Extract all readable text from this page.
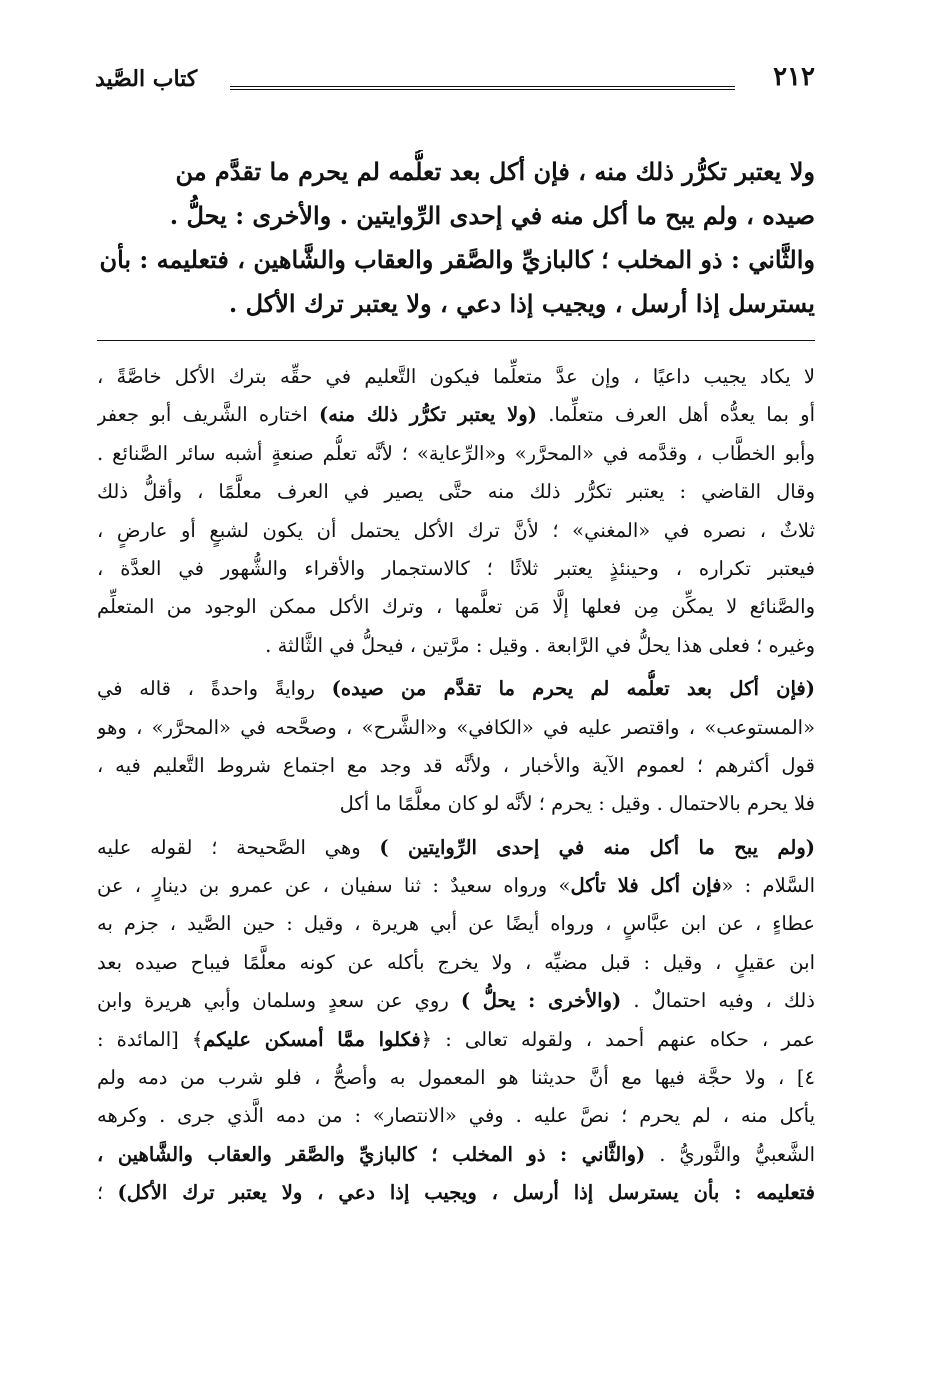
٢١٢
كتاب الصَّيد
ولا يعتبر تكرُّر ذلك منه ، فإن أكل بعد تعلُّمه لم يحرم ما تقدَّم من
صيده ، ولم يبح ما أكل منه في إحدى الرِّوايتين . والأخرى : يحلُّ .
والثَّاني : ذو المخلب ؛ كالبازيِّ والصَّقر والعقاب والشَّاهين ، فتعليمه : بأن
يسترسل إذا أرسل ، ويجيب إذا دعي ، ولا يعتبر ترك الأكل .
لا يكاد يجيب داعيًا ، وإن عدَّ متعلِّما فيكون التَّعليم في حقِّه بترك الأكل خاصَّةً ،
أو بما يعدُّه أهل العرف متعلِّما. (ولا يعتبر تكرُّر ذلك منه) اختاره الشَّريف أبو جعفر
وأبو الخطَّاب ، وقدَّمه في «المحرَّر» و«الرِّعاية» ؛ لأنَّه تعلُّم صنعةٍ أشبه سائر الصَّنائع .
وقال القاضي : يعتبر تكرُّر ذلك منه حتَّى يصير في العرف معلَّمًا ، وأقلُّ ذلك
ثلاثٌ ، نصره في «المغني» ؛ لأنَّ ترك الأكل يحتمل أن يكون لشبعٍ أو عارضٍ ،
فيعتبر تكراره ، وحينئذٍ يعتبر ثلاثًا ؛ كالاستجمار والأقراء والشُّهور في العدَّة ،
والصَّنائع لا يمكِّن مِن فعلها إلَّا مَن تعلَّمها ، وترك الأكل ممكن الوجود من المتعلِّم
وغيره ؛ فعلى هذا يحلُّ في الرَّابعة . وقيل : مرَّتين ، فيحلُّ في الثَّالثة .
(فإن أكل بعد تعلُّمه لم يحرم ما تقدَّم من صيده) روايةً واحدةً ، قاله في
«المستوعب» ، واقتصر عليه في «الكافي» و«الشَّرح» ، وصحَّحه في «المحرَّر» ، وهو
قول أكثرهم ؛ لعموم الآية والأخبار ، ولأنَّه قد وجد مع اجتماع شروط التَّعليم فيه ،
فلا يحرم بالاحتمال . وقيل : يحرم ؛ لأنَّه لو كان معلَّمًا ما أكل
(ولم يبح ما أكل منه في إحدى الرِّوايتين ) وهي الصَّحيحة ؛ لقوله عليه
السَّلام : «فإن أكل فلا تأكل» ورواه سعيدٌ : ثنا سفيان ، عن عمرو بن دينارٍ ، عن
عطاءٍ ، عن ابن عبَّاسٍ ، ورواه أيضًا عن أبي هريرة ، وقيل : حين الصَّيد ، جزم به
ابن عقيلٍ ، وقيل : قبل مضيِّه ، ولا يخرج بأكله عن كونه معلَّمًا فيباح صيده بعد
ذلك ، وفيه احتمالٌ . (والأخرى : يحلُّ ) روي عن سعدٍ وسلمان وأبي هريرة وابن
عمر ، حكاه عنهم أحمد ، ولقوله تعالى : ﴿فكلوا ممَّا أمسكن عليكم﴾ [المائدة :
٤] ، ولا حجَّة فيها مع أنَّ حديثنا هو المعمول به وأصحُّ ، فلو شرب من دمه ولم
يأكل منه ، لم يحرم ؛ نصَّ عليه . وفي «الانتصار» : من دمه الَّذي جرى . وكرهه
الشَّعبيُّ والثَّوريُّ . (والثَّاني : ذو المخلب ؛ كالبازيِّ والصَّقر والعقاب والشَّاهين ،
فتعليمه : بأن يسترسل إذا أرسل ، ويجيب إذا دعي ، ولا يعتبر ترك الأكل) ؛
